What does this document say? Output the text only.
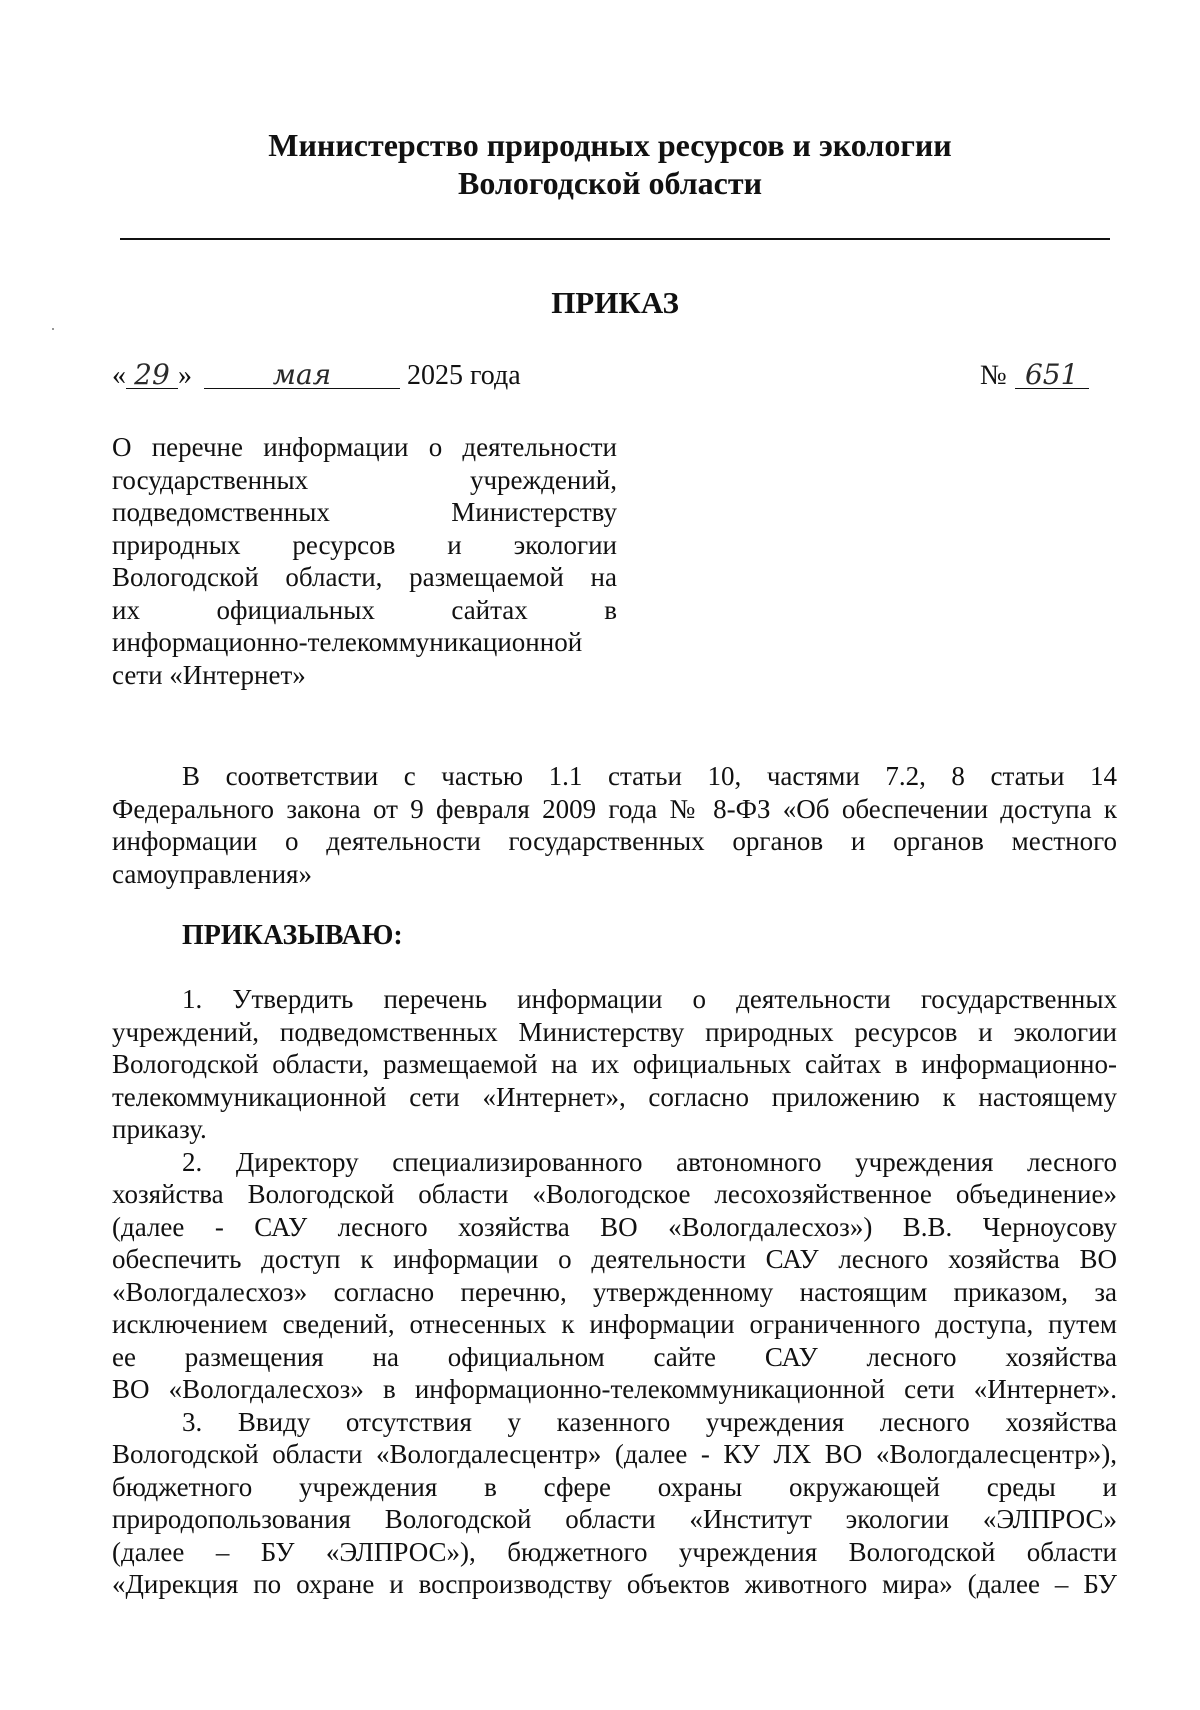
Министерство природных ресурсов и экологии
Вологодской области
ПРИКАЗ
« 29 »	мая	2025 года	№ 651
О перечне информации о деятельности
государственных учреждений,
подведомственных Министерству
природных ресурсов и экологии
Вологодской области, размещаемой на
их официальных сайтах в
информационно-телекоммуникационной
сети «Интернет»
В соответствии с частью 1.1 статьи 10, частями 7.2, 8 статьи 14
Федерального закона от 9 февраля 2009 года № 8-ФЗ «Об обеспечении доступа к
информации о деятельности государственных органов и органов местного
самоуправления»
ПРИКАЗЫВАЮ:
1. Утвердить перечень информации о деятельности государственных
учреждений, подведомственных Министерству природных ресурсов и экологии
Вологодской области, размещаемой на их официальных сайтах в информационно-
телекоммуникационной сети «Интернет», согласно приложению к настоящему
приказу.
2. Директору специализированного автономного учреждения лесного
хозяйства Вологодской области «Вологодское лесохозяйственное объединение»
(далее - САУ лесного хозяйства ВО «Вологдалесхоз») В.В. Черноусову
обеспечить доступ к информации о деятельности САУ лесного хозяйства ВО
«Вологдалесхоз» согласно перечню, утвержденному настоящим приказом, за
исключением сведений, отнесенных к информации ограниченного доступа, путем
ее размещения на официальном сайте САУ лесного хозяйства
ВО «Вологдалесхоз» в информационно-телекоммуникационной сети «Интернет».
3. Ввиду отсутствия у казенного учреждения лесного хозяйства
Вологодской области «Вологдалесцентр» (далее - КУ ЛХ ВО «Вологдалесцентр»),
бюджетного учреждения в сфере охраны окружающей среды и
природопользования Вологодской области «Институт экологии «ЭЛПРОС»
(далее – БУ «ЭЛПРОС»), бюджетного учреждения Вологодской области
«Дирекция по охране и воспроизводству объектов животного мира» (далее – БУ
